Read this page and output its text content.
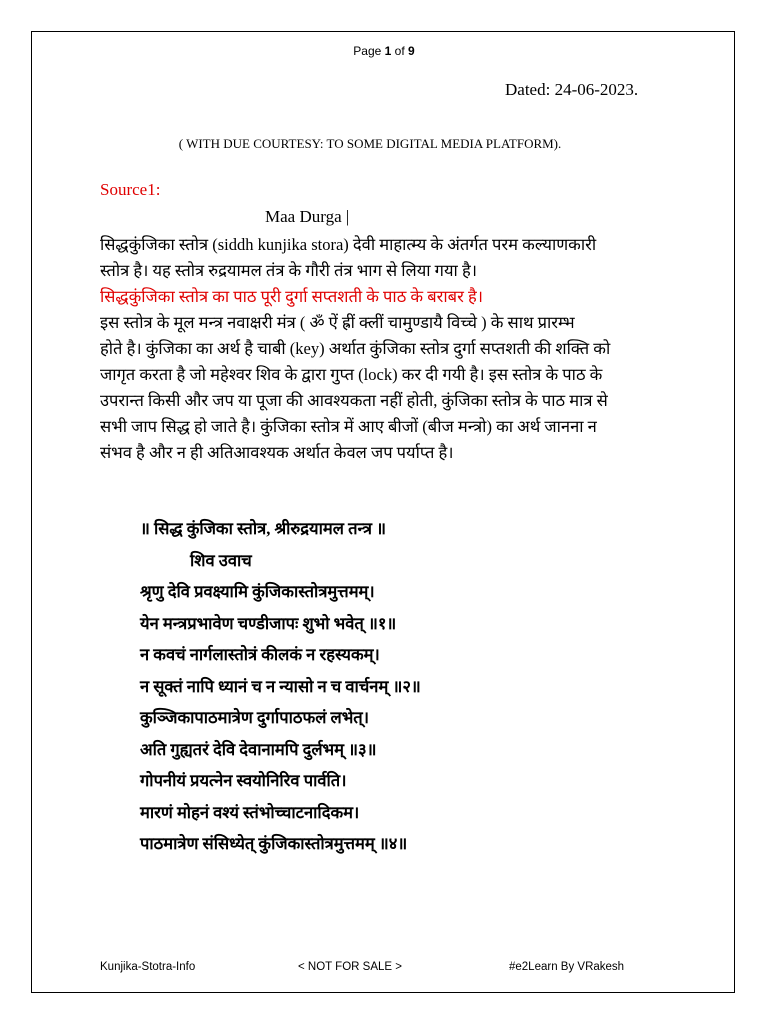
Page 1 of 9
Dated: 24-06-2023.
( WITH DUE COURTESY: TO SOME DIGITAL MEDIA PLATFORM).
Source1:
Maa Durga |
सिद्धकुंजिका स्तोत्र (siddh kunjika stora) देवी माहात्म्य के अंतर्गत परम कल्याणकारी
स्तोत्र है। यह स्तोत्र रुद्रयामल तंत्र के गौरी तंत्र भाग से लिया गया है।
सिद्धकुंजिका स्तोत्र का पाठ पूरी दुर्गा सप्तशती के पाठ के बराबर है।
इस स्तोत्र के मूल मन्त्र नवाक्षरी मंत्र ( ॐ ऐं ह्रीं क्लीं चामुण्डायै विच्चे ) के साथ प्रारम्भ
होते है। कुंजिका का अर्थ है चाबी (key) अर्थात कुंजिका स्तोत्र दुर्गा सप्तशती की शक्ति को
जागृत करता है जो महेश्वर शिव के द्वारा गुप्त (lock) कर दी गयी है। इस स्तोत्र के पाठ के
उपरान्त किसी और जप या पूजा की आवश्यकता नहीं होती, कुंजिका स्तोत्र के पाठ मात्र से
सभी जाप सिद्ध हो जाते है। कुंजिका स्तोत्र में आए बीजों (बीज मन्त्रो) का अर्थ जानना न
संभव है और न ही अतिआवश्यक अर्थात केवल जप पर्याप्त है।
॥ सिद्ध कुंजिका स्तोत्र, श्रीरुद्रयामल तन्त्र ॥
शिव उवाच
श्रृणु देवि प्रवक्ष्यामि कुंजिकास्तोत्रमुत्तमम्।
येन मन्त्रप्रभावेण चण्डीजापः शुभो भवेत् ॥१॥
न कवचं नार्गलास्तोत्रं कीलकं न रहस्यकम्।
न सूक्तं नापि ध्यानं च न न्यासो न च वार्चनम् ॥२॥
कुञ्जिकापाठमात्रेण दुर्गापाठफलं लभेत्।
अति गुह्यतरं देवि देवानामपि दुर्लभम् ॥३॥
गोपनीयं प्रयत्नेन स्वयोनिरिव पार्वति।
मारणं मोहनं वश्यं स्तंभोच्चाटनादिकम।
पाठमात्रेण संसिध्येत् कुंजिकास्तोत्रमुत्तमम् ॥४॥
Kunjika-Stotra-Info	< NOT FOR SALE >	#e2Learn By VRakesh
